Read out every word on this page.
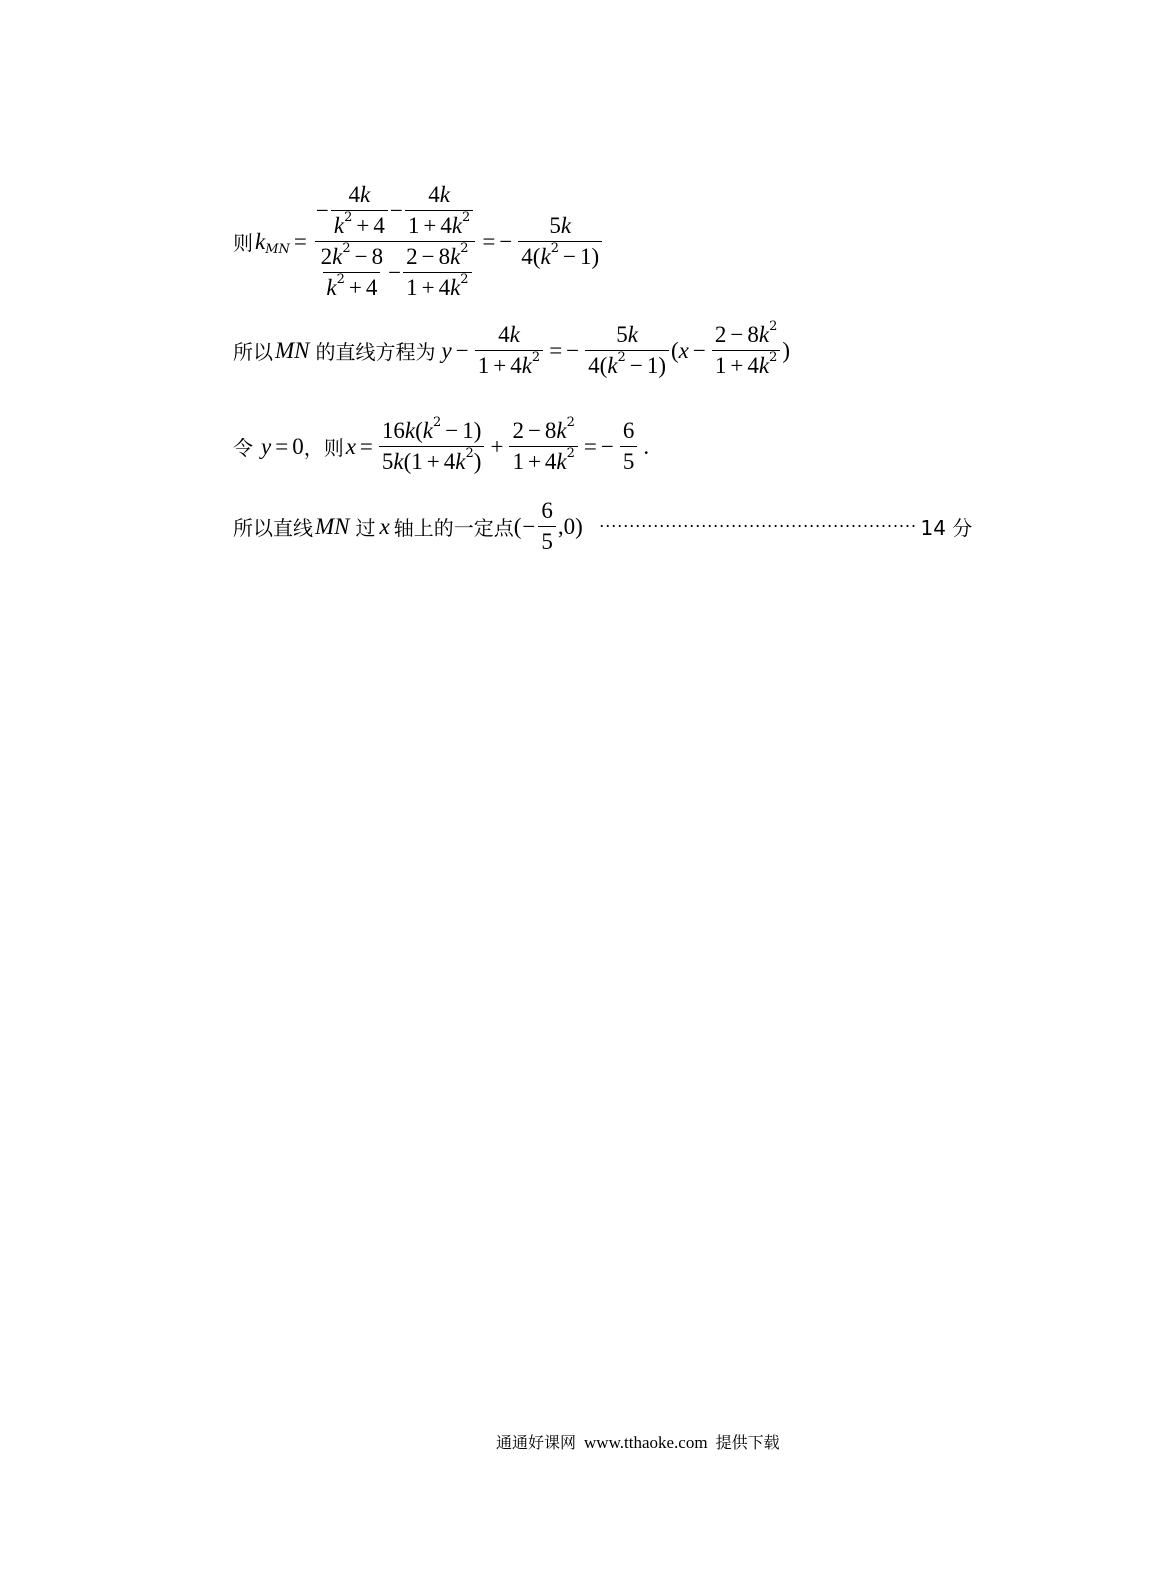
则 k MN =
− $\frac{4 k}{k 2 + 4} - \frac{4 k}{1 + 4 k 2}$
$\frac{2 k 2 - 8}{k 2 + 4} - \frac{2 - 8 k 2}{1 + 4 k 2}$
= − $\frac{5 k}{4( k 2 - 1)}$
所以 MN 的直线方程为 $y - \frac{4 k}{1 + 4 k 2}$ = − $\frac{5 k}{4( k 2 - 1)}$ ( $x - \frac{2 - 8 k 2}{1 + 4 k 2}$ )
令 y = 0 ， 则 $x = \frac{16 k ( k 2 - 1)}{5 k (1 + 4 k 2 )} + \frac{2 - 8 k 2}{1 + 4 k 2}$ = − $\frac{6}{5}$ .
所以直线 MN 过 x 轴上的一定点 ( − $\frac{6}{5} ,0$) ····················································· 14 分
通通好课网 www.tthaoke.com 提供下载
